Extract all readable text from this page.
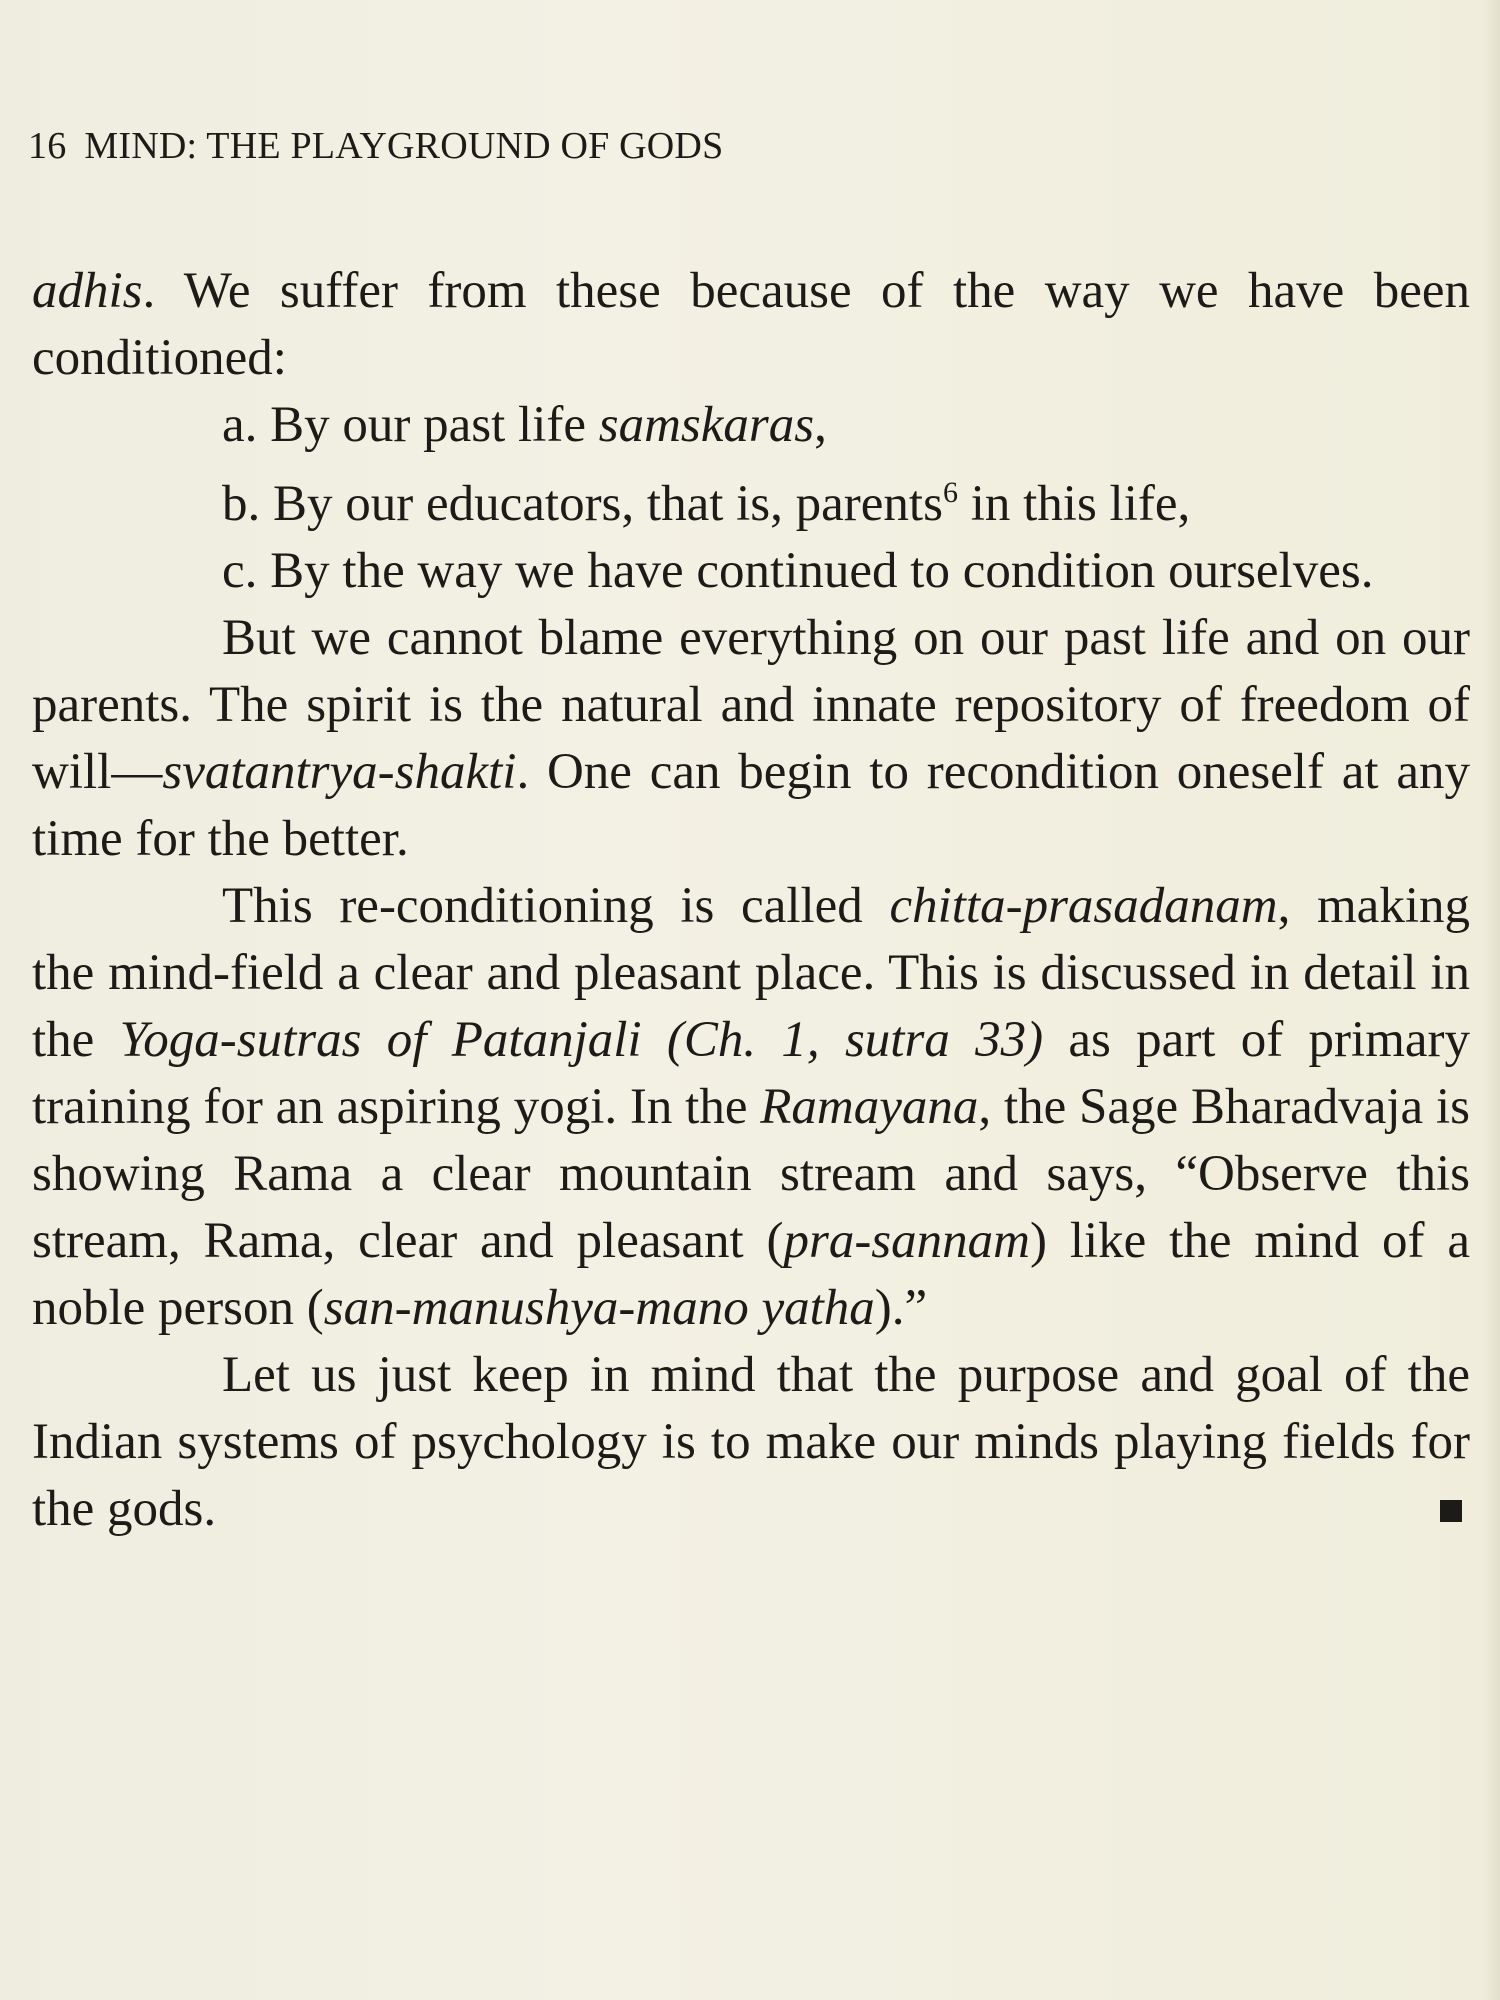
16 MIND: THE PLAYGROUND OF GODS

adhis. We suffer from these because of the way we have been conditioned:

a. By our past life samskaras,
b. By our educators, that is, parents$^6$ in this life,
c. By the way we have continued to condition ourselves.

But we cannot blame everything on our past life and on our parents. The spirit is the natural and innate repository of freedom of will—svatantrya-shakti. One can begin to recondition oneself at any time for the better.

This re-conditioning is called chitta-prasadanam, making the mind-field a clear and pleasant place. This is discussed in detail in the Yoga-sutras of Patanjali (Ch. 1, sutra 33) as part of primary training for an aspiring yogi. In the Ramayana, the Sage Bharadvaja is showing Rama a clear mountain stream and says, “Observe this stream, Rama, clear and pleasant (pra-sannam) like the mind of a noble person (san-manushya-mano yatha).”

Let us just keep in mind that the purpose and goal of the Indian systems of psychology is to make our minds playing fields for the gods.
